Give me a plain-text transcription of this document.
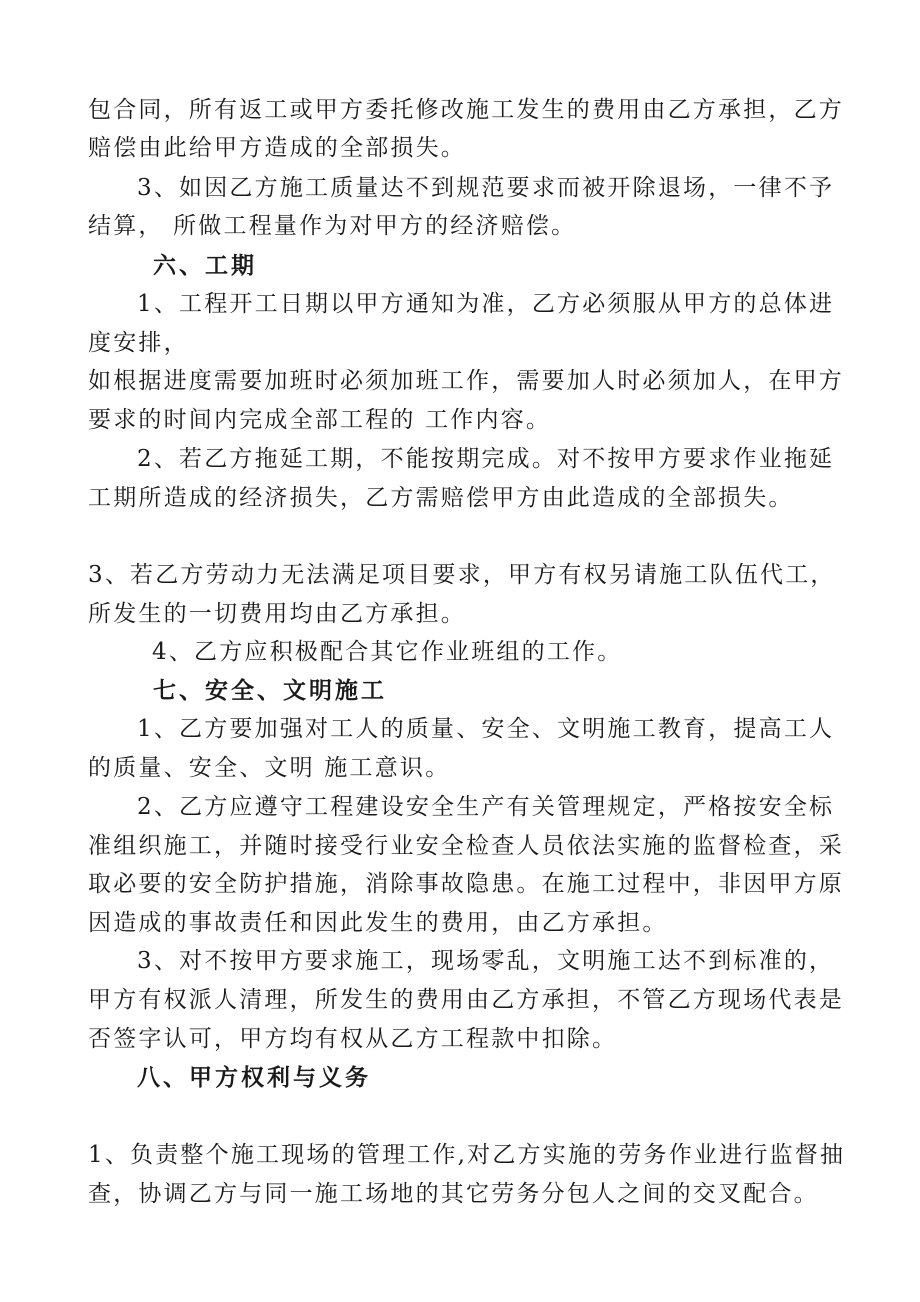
包合同，所有返工或甲方委托修改施工发生的费用由乙方承担，乙方
赔偿由此给甲方造成的全部损失。
3、如因乙方施工质量达不到规范要求而被开除退场，一律不予
结算， 所做工程量作为对甲方的经济赔偿。
六、工期
1、工程开工日期以甲方通知为准，乙方必须服从甲方的总体进
度安排，
如根据进度需要加班时必须加班工作，需要加人时必须加人，在甲方
要求的时间内完成全部工程的 工作内容。
2、若乙方拖延工期，不能按期完成。对不按甲方要求作业拖延
工期所造成的经济损失，乙方需赔偿甲方由此造成的全部损失。
3、若乙方劳动力无法满足项目要求，甲方有权另请施工队伍代工，
所发生的一切费用均由乙方承担。
4、乙方应积极配合其它作业班组的工作。
七、安全、文明施工
1、乙方要加强对工人的质量、安全、文明施工教育，提高工人
的质量、安全、文明 施工意识。
2、乙方应遵守工程建设安全生产有关管理规定，严格按安全标
准组织施工，并随时接受行业安全检查人员依法实施的监督检查，采
取必要的安全防护措施，消除事故隐患。在施工过程中，非因甲方原
因造成的事故责任和因此发生的费用，由乙方承担。
3、对不按甲方要求施工，现场零乱，文明施工达不到标准的，
甲方有权派人清理，所发生的费用由乙方承担，不管乙方现场代表是
否签字认可，甲方均有权从乙方工程款中扣除。
八、甲方权利与义务
1、负责整个施工现场的管理工作,对乙方实施的劳务作业进行监督抽
查，协调乙方与同一施工场地的其它劳务分包人之间的交叉配合。
